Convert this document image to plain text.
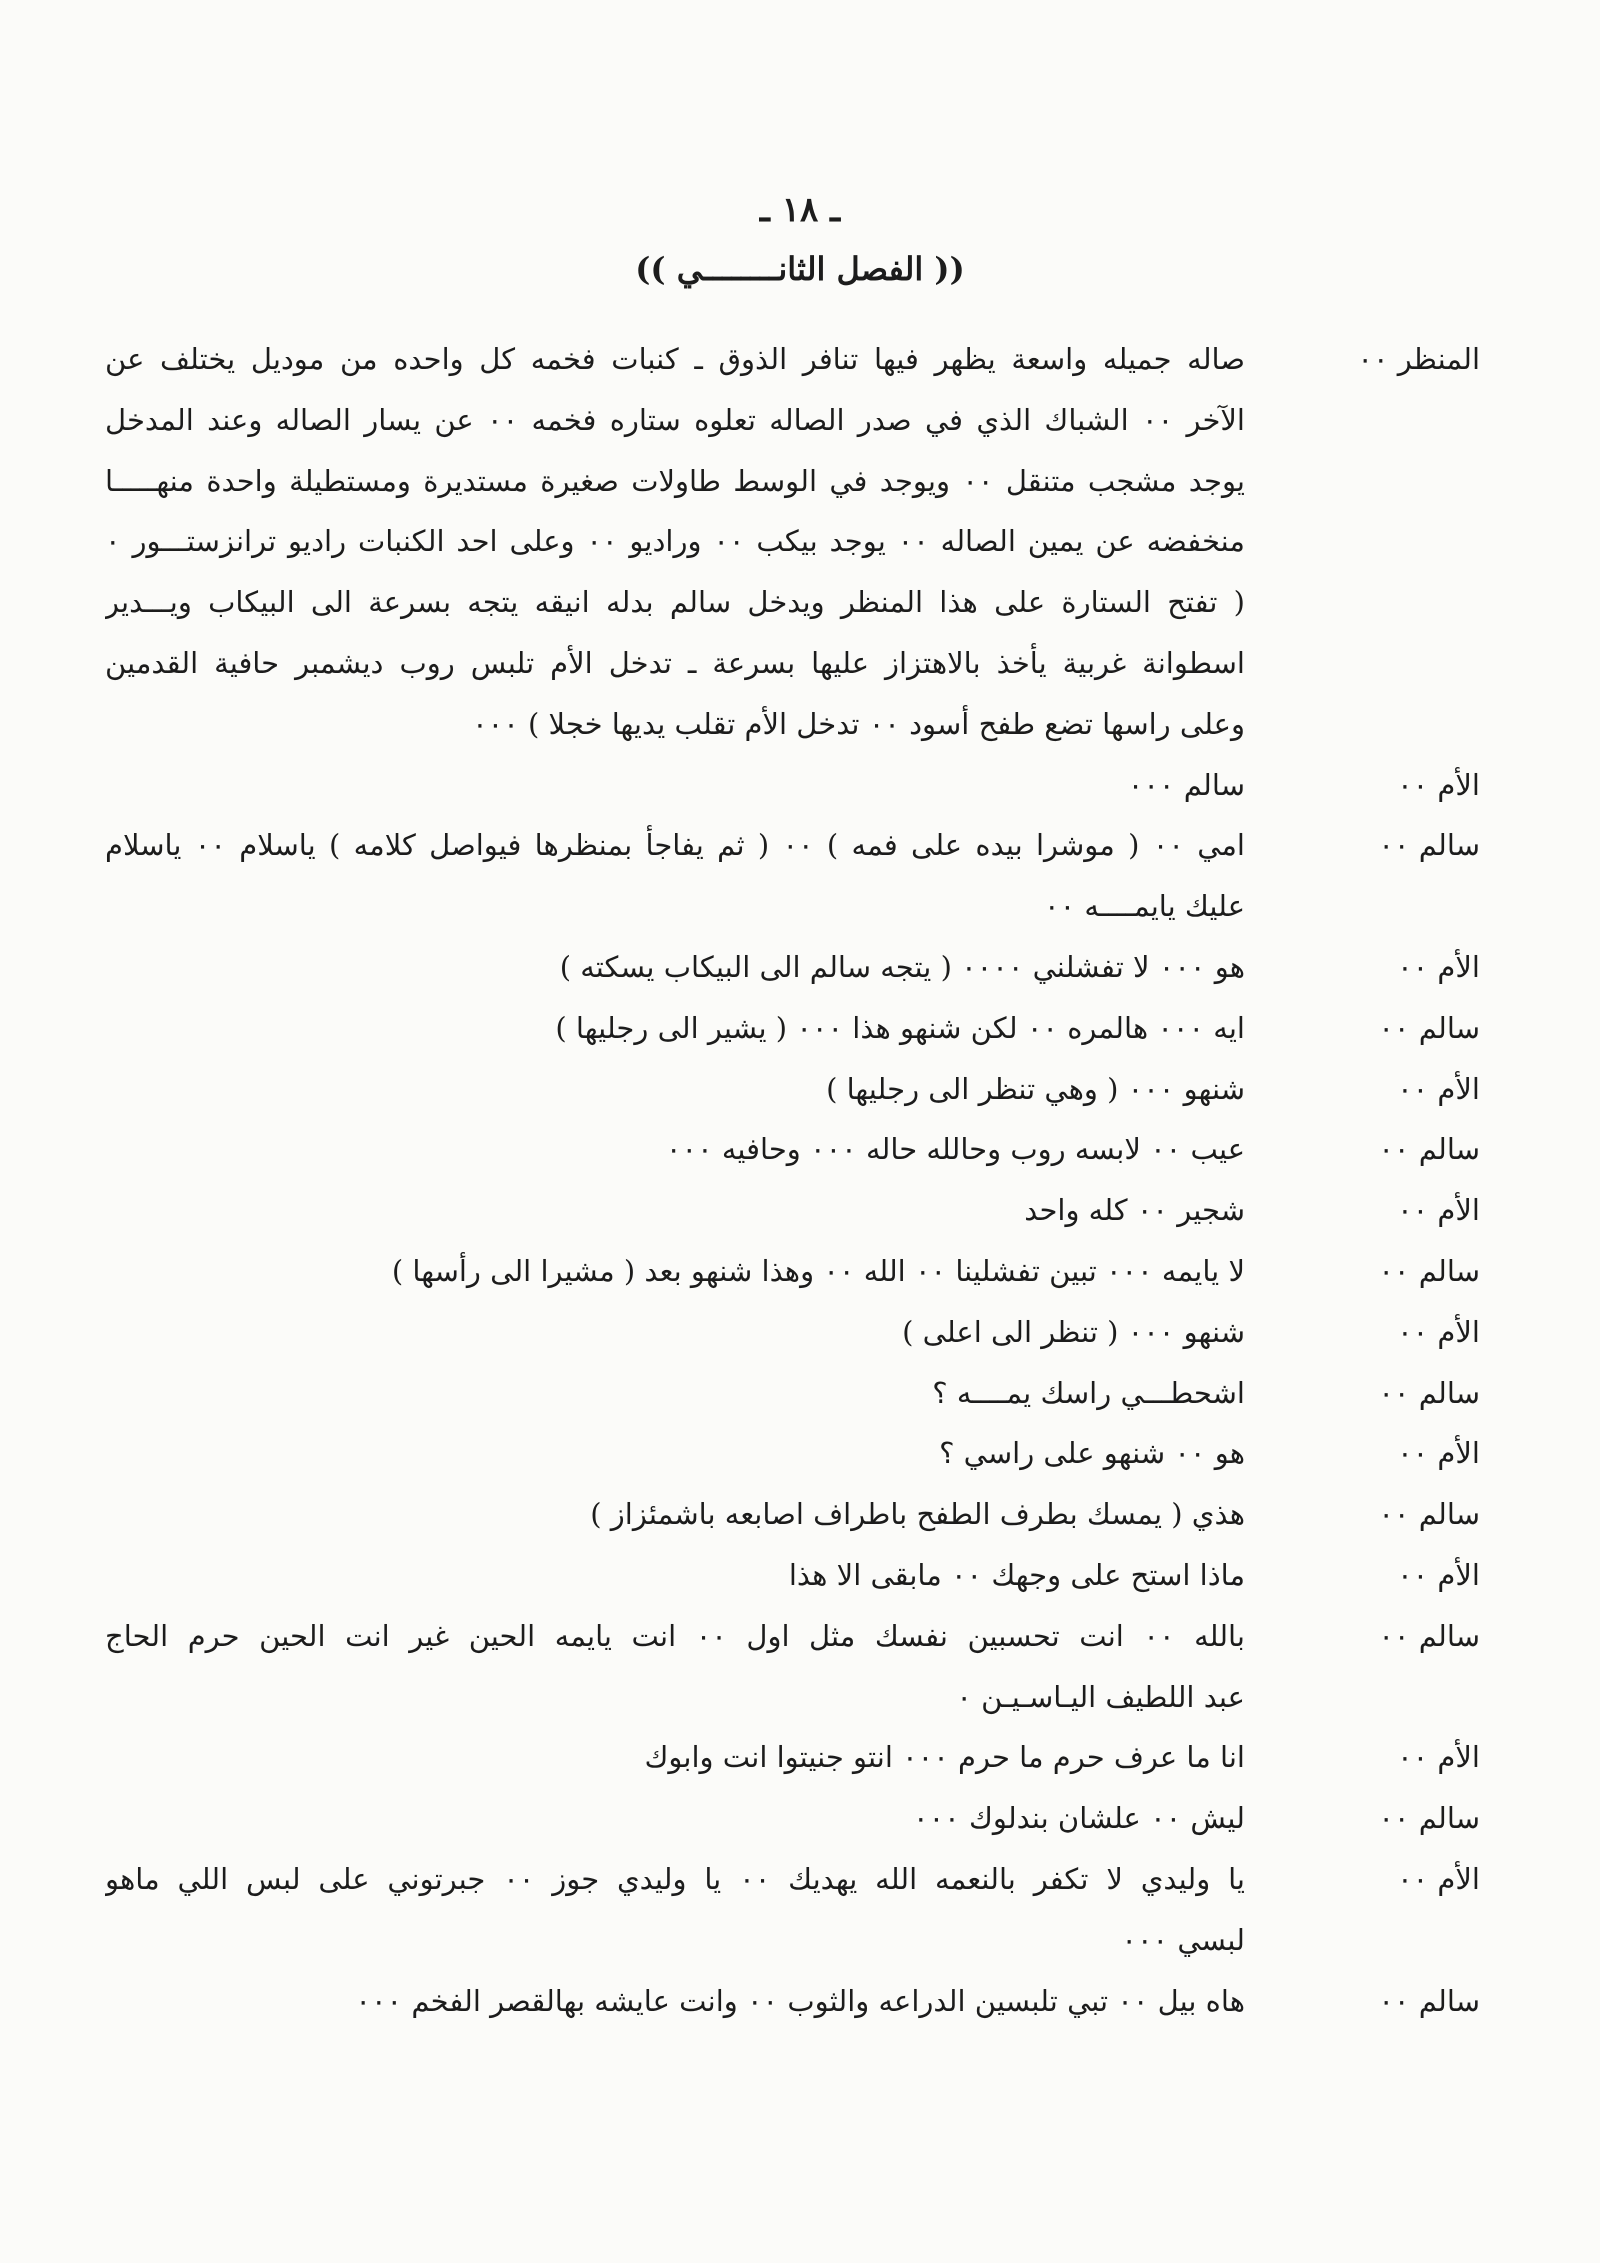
ـ ١٨ ـ
(( الفصل الثانــــــــي ))
المنظر ٠٠
صاله جميله واسعة يظهر فيها تنافر الذوق ـ كنبات فخمه كل واحده من موديل يختلف عن
الآخر ٠٠ الشباك الذي في صدر الصاله تعلوه ستاره فخمه ٠٠ عن يسار الصاله وعند المدخل
يوجد مشجب متنقل ٠٠ ويوجد في الوسط طاولات صغيرة مستديرة ومستطيلة واحدة منهـــــا
منخفضه عن يمين الصاله ٠٠ يوجد بيكب ٠٠ وراديو ٠٠ وعلى احد الكنبات راديو ترانزستـــور ٠
( تفتح الستارة على هذا المنظر ويدخل سالم بدله انيقه يتجه بسرعة الى البيكاب ويـــدير
اسطوانة غربية يأخذ بالاهتزاز عليها بسرعة ـ تدخل الأم تلبس روب ديشمبر حافية القدمين
وعلى راسها تضع طفح أسود ٠٠ تدخل الأم تقلب يديها خجلا ) ٠٠٠
الأم ٠٠
سالم ٠٠٠
سالم ٠٠
امي ٠٠ ( موشرا بيده على فمه ) ٠٠ ( ثم يفاجأ بمنظرها فيواصل كلامه ) ياسلام ٠٠ ياسلام
عليك يايمــــه ٠٠
الأم ٠٠
هو ٠٠٠ لا تفشلني ٠٠٠٠ ( يتجه سالم الى البيكاب يسكته )
سالم ٠٠
ايه ٠٠٠ هالمره ٠٠ لكن شنهو هذا ٠٠٠ ( يشير الى رجليها )
الأم ٠٠
شنهو ٠٠٠ ( وهي تنظر الى رجليها )
سالم ٠٠
عيب ٠٠ لابسه روب وحالله حاله ٠٠٠ وحافيه ٠٠٠
الأم ٠٠
شجير ٠٠ كله واحد
سالم ٠٠
لا يايمه ٠٠٠ تبين تفشلينا ٠٠ الله ٠٠ وهذا شنهو بعد ( مشيرا الى رأسها )
الأم ٠٠
شنهو ٠٠٠ ( تنظر الى اعلى )
سالم ٠٠
اشحطـــي راسك يمــــه ؟
الأم ٠٠
هو ٠٠ شنهو على راسي ؟
سالم ٠٠
هذي ( يمسك بطرف الطفح باطراف اصابعه باشمئزاز )
الأم ٠٠
ماذا استح على وجهك ٠٠ مابقى الا هذا
سالم ٠٠
بالله ٠٠ انت تحسبين نفسك مثل اول ٠٠ انت يايمه الحين غير انت الحين حرم الحاج
عبد اللطيف اليـاسـيـن ٠
الأم ٠٠
انا ما عرف حرم ما حرم ٠٠٠ انتو جنيتوا انت وابوك
سالم ٠٠
ليش ٠٠ علشان بندلوك ٠٠٠
الأم ٠٠
يا وليدي لا تكفر بالنعمه الله يهديك ٠٠ يا وليدي جوز ٠٠ جبرتوني على لبس اللي ماهو
لبسي ٠٠٠
سالم ٠٠
هاه بيل ٠٠ تبي تلبسين الدراعه والثوب ٠٠ وانت عايشه بهالقصر الفخم ٠٠٠
